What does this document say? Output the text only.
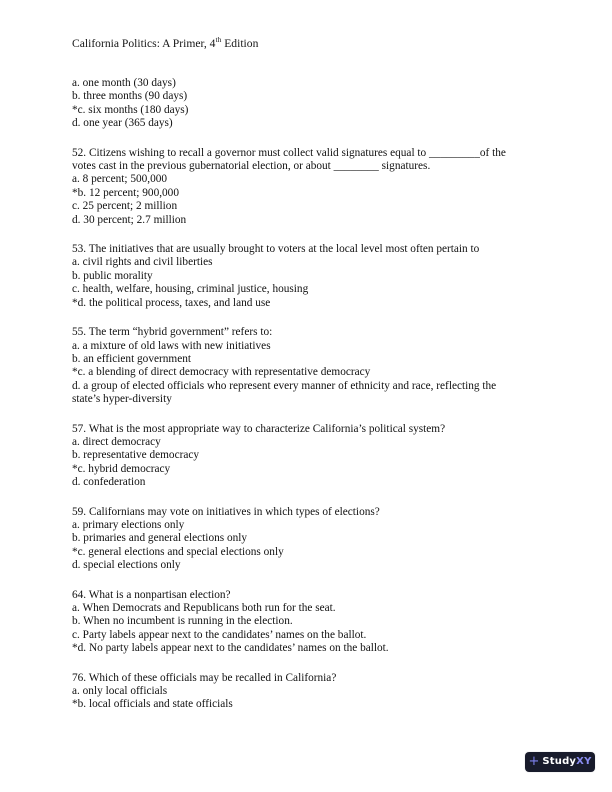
California Politics: A Primer, 4th Edition
a. one month (30 days)
b. three months (90 days)
*c. six months (180 days)
d. one year (365 days)
52. Citizens wishing to recall a governor must collect valid signatures equal to _________of the
votes cast in the previous gubernatorial election, or about ________ signatures.
a. 8 percent; 500,000
*b. 12 percent; 900,000
c. 25 percent; 2 million
d. 30 percent; 2.7 million
53. The initiatives that are usually brought to voters at the local level most often pertain to
a. civil rights and civil liberties
b. public morality
c. health, welfare, housing, criminal justice, housing
*d. the political process, taxes, and land use
55. The term “hybrid government” refers to:
a. a mixture of old laws with new initiatives
b. an efficient government
*c. a blending of direct democracy with representative democracy
d. a group of elected officials who represent every manner of ethnicity and race, reflecting the
state’s hyper-diversity
57. What is the most appropriate way to characterize California’s political system?
a. direct democracy
b. representative democracy
*c. hybrid democracy
d. confederation
59. Californians may vote on initiatives in which types of elections?
a. primary elections only
b. primaries and general elections only
*c. general elections and special elections only
d. special elections only
64. What is a nonpartisan election?
a. When Democrats and Republicans both run for the seat.
b. When no incumbent is running in the election.
c. Party labels appear next to the candidates’ names on the ballot.
*d. No party labels appear next to the candidates’ names on the ballot.
76. Which of these officials may be recalled in California?
a. only local officials
*b. local officials and state officials
+ StudyXY
